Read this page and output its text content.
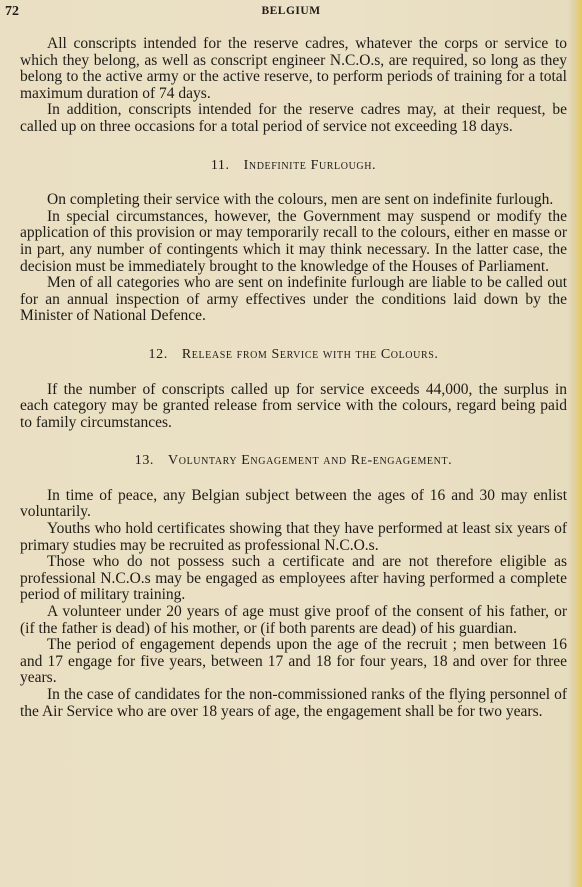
72	BELGIUM

All conscripts intended for the reserve cadres, whatever the corps or service to which they belong, as well as conscript engineer N.C.O.s, are required, so long as they belong to the active army or the active reserve, to perform periods of training for a total maximum duration of 74 days.

In addition, conscripts intended for the reserve cadres may, at their request, be called up on three occasions for a total period of service not exceeding 18 days.

11. Indefinite Furlough.

On completing their service with the colours, men are sent on indefinite furlough.

In special circumstances, however, the Government may suspend or modify the application of this provision or may temporarily recall to the colours, either en masse or in part, any number of contingents which it may think necessary. In the latter case, the decision must be immediately brought to the knowledge of the Houses of Parliament.

Men of all categories who are sent on indefinite furlough are liable to be called out for an annual inspection of army effectives under the conditions laid down by the Minister of National Defence.

12. Release from Service with the Colours.

If the number of conscripts called up for service exceeds 44,000, the surplus in each category may be granted release from service with the colours, regard being paid to family circumstances.

13. Voluntary Engagement and Re-engagement.

In time of peace, any Belgian subject between the ages of 16 and 30 may enlist voluntarily.

Youths who hold certificates showing that they have performed at least six years of primary studies may be recruited as professional N.C.O.s.

Those who do not possess such a certificate and are not therefore eligible as professional N.C.O.s may be engaged as employees after having performed a complete period of military training.

A volunteer under 20 years of age must give proof of the consent of his father, or (if the father is dead) of his mother, or (if both parents are dead) of his guardian.

The period of engagement depends upon the age of the recruit ; men between 16 and 17 engage for five years, between 17 and 18 for four years, 18 and over for three years.

In the case of candidates for the non-commissioned ranks of the flying personnel of the Air Service who are over 18 years of age, the engagement shall be for two years.
